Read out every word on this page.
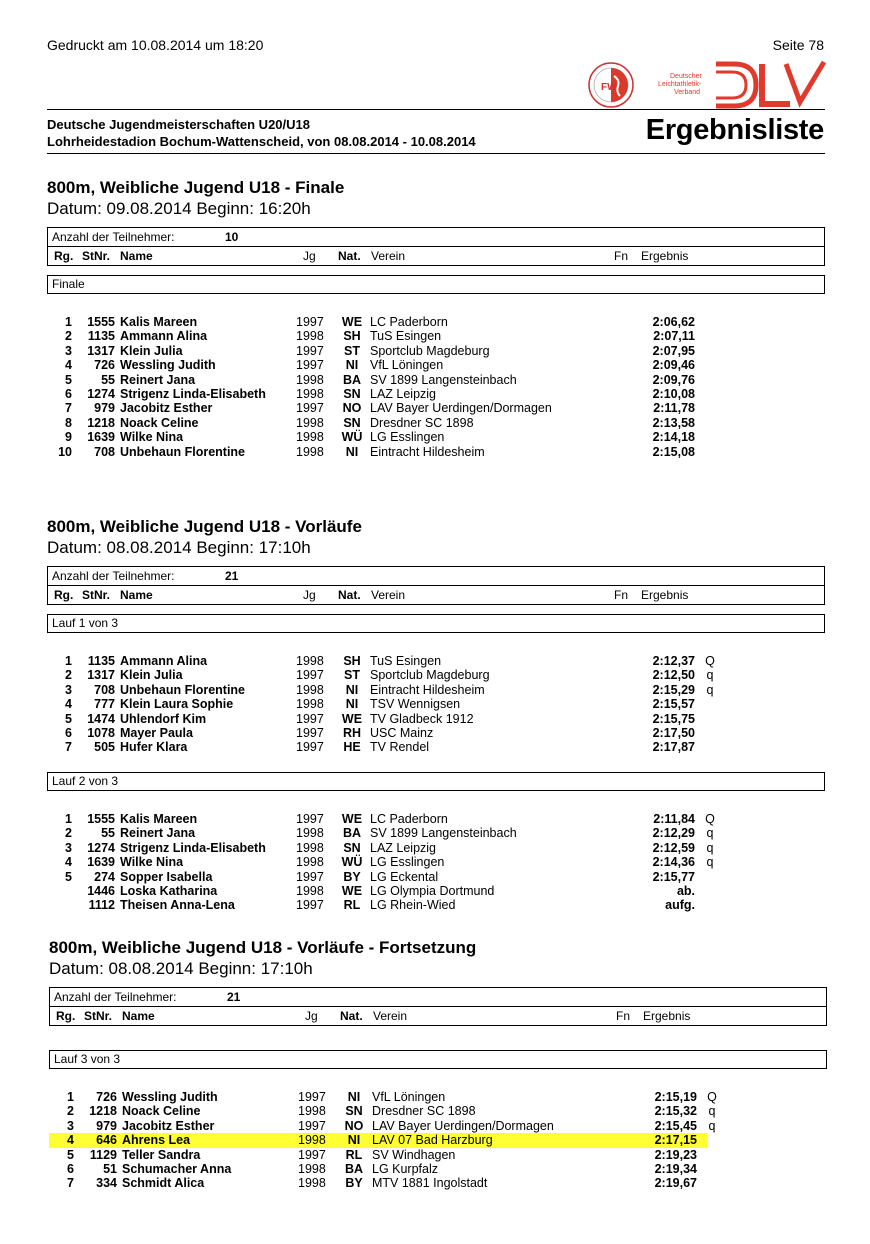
Gedruckt am 10.08.2014 um 18:20	Seite 78
FW
Deutscher
Leichtathletik-
Verband
Deutsche Jugendmeisterschaften U20/U18
Lohrheidestadion Bochum-Wattenscheid, von 08.08.2014 - 10.08.2014	Ergebnisliste
800m, Weibliche Jugend U18 - Finale
Datum: 09.08.2014 Beginn: 16:20h
Anzahl der Teilnehmer:	10
Rg. StNr. Name	Jg Nat. Verein	Fn Ergebnis
Finale
1	1555 Kalis Mareen	1997	WE LC Paderborn	2:06,62
2	1135 Ammann Alina	1998	SH TuS Esingen	2:07,11
3	1317 Klein Julia	1997	ST Sportclub Magdeburg	2:07,95
4	726 Wessling Judith	1997	NI VfL Löningen	2:09,46
5	55 Reinert Jana	1998	BA SV 1899 Langensteinbach	2:09,76
6	1274 Strigenz Linda-Elisabeth 1998	SN LAZ Leipzig	2:10,08
7	979 Jacobitz Esther	1997	NO LAV Bayer Uerdingen/Dormagen	2:11,78
8	1218 Noack Celine	1998	SN Dresdner SC 1898	2:13,58
9	1639 Wilke Nina	1998	WÜ LG Esslingen	2:14,18
10	708 Unbehaun Florentine	1998	NI Eintracht Hildesheim	2:15,08
800m, Weibliche Jugend U18 - Vorläufe
Datum: 08.08.2014 Beginn: 17:10h
Anzahl der Teilnehmer:	21
Rg. StNr. Name	Jg Nat. Verein	Fn Ergebnis
Lauf 1 von 3
1	1135 Ammann Alina	1998	SH TuS Esingen	2:12,37 Q
2	1317 Klein Julia	1997	ST Sportclub Magdeburg	2:12,50 q
3	708 Unbehaun Florentine	1998	NI Eintracht Hildesheim	2:15,29 q
4	777 Klein Laura Sophie	1998	NI TSV Wennigsen	2:15,57
5	1474 Uhlendorf Kim	1997	WE TV Gladbeck 1912	2:15,75
6	1078 Mayer Paula	1997	RH USC Mainz	2:17,50
7	505 Hufer Klara	1997	HE TV Rendel	2:17,87
Lauf 2 von 3
1	1555 Kalis Mareen	1997	WE LC Paderborn	2:11,84 Q
2	55 Reinert Jana	1998	BA SV 1899 Langensteinbach	2:12,29 q
3	1274 Strigenz Linda-Elisabeth 1998	SN LAZ Leipzig	2:12,59 q
4	1639 Wilke Nina	1998	WÜ LG Esslingen	2:14,36 q
5	274 Sopper Isabella	1997	BY LG Eckental	2:15,77
1446 Loska Katharina	1998	WE LG Olympia Dortmund	ab.
1112 Theisen Anna-Lena	1997	RL LG Rhein-Wied	aufg.
800m, Weibliche Jugend U18 - Vorläufe - Fortsetzung
Datum: 08.08.2014 Beginn: 17:10h
Anzahl der Teilnehmer:	21
Rg. StNr. Name	Jg Nat. Verein	Fn Ergebnis
Lauf 3 von 3
1	726 Wessling Judith	1997	NI VfL Löningen	2:15,19 Q
2	1218 Noack Celine	1998	SN Dresdner SC 1898	2:15,32 q
3	979 Jacobitz Esther	1997	NO LAV Bayer Uerdingen/Dormagen	2:15,45 q
4	646 Ahrens Lea	1998	NI LAV 07 Bad Harzburg	2:17,15
5	1129 Teller Sandra	1997	RL SV Windhagen	2:19,23
6	51 Schumacher Anna	1998	BA LG Kurpfalz	2:19,34
7	334 Schmidt Alica	1998	BY MTV 1881 Ingolstadt	2:19,67
